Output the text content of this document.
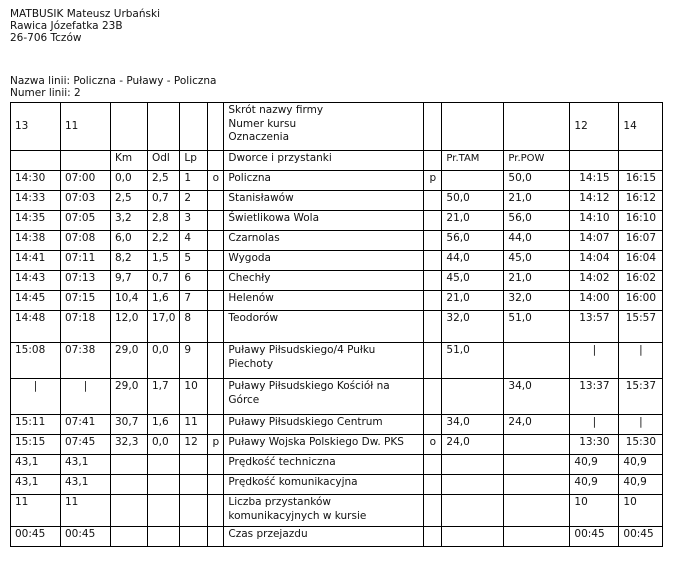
MATBUSIK Mateusz Urbański
Rawica Józefatka 23B
26-706 Tczów
Nazwa linii: Policzna - Puławy - Policzna
Numer linii: 2
13	11					Skrót nazwy firmy
Numer kursu
Oznaczenia				12	14
		Km	Odl	Lp		Dworce i przystanki		Pr.TAM	Pr.POW		
14:30	07:00	0,0	2,5	1	o	Policzna	p		50,0	14:15	16:15
14:33	07:03	2,5	0,7	2		Stanisławów		50,0	21,0	14:12	16:12
14:35	07:05	3,2	2,8	3		Świetlikowa Wola		21,0	56,0	14:10	16:10
14:38	07:08	6,0	2,2	4		Czarnolas		56,0	44,0	14:07	16:07
14:41	07:11	8,2	1,5	5		Wygoda		44,0	45,0	14:04	16:04
14:43	07:13	9,7	0,7	6		Chechły		45,0	21,0	14:02	16:02
14:45	07:15	10,4	1,6	7		Helenów		21,0	32,0	14:00	16:00
14:48	07:18	12,0	17,0	8		Teodorów		32,0	51,0	13:57	15:57
15:08	07:38	29,0	0,0	9		Puławy Piłsudskiego/4 Pułku Piechoty		51,0		|	|
|	|	29,0	1,7	10		Puławy Piłsudskiego Kościół na Górce			34,0	13:37	15:37
15:11	07:41	30,7	1,6	11		Puławy Piłsudskiego Centrum		34,0	24,0	|	|
15:15	07:45	32,3	0,0	12	p	Puławy Wojska Polskiego Dw. PKS	o	24,0		13:30	15:30
43,1	43,1					Prędkość techniczna				40,9	40,9
43,1	43,1					Prędkość komunikacyjna				40,9	40,9
11	11					Liczba przystanków komunikacyjnych w kursie				10	10
00:45	00:45					Czas przejazdu				00:45	00:45
